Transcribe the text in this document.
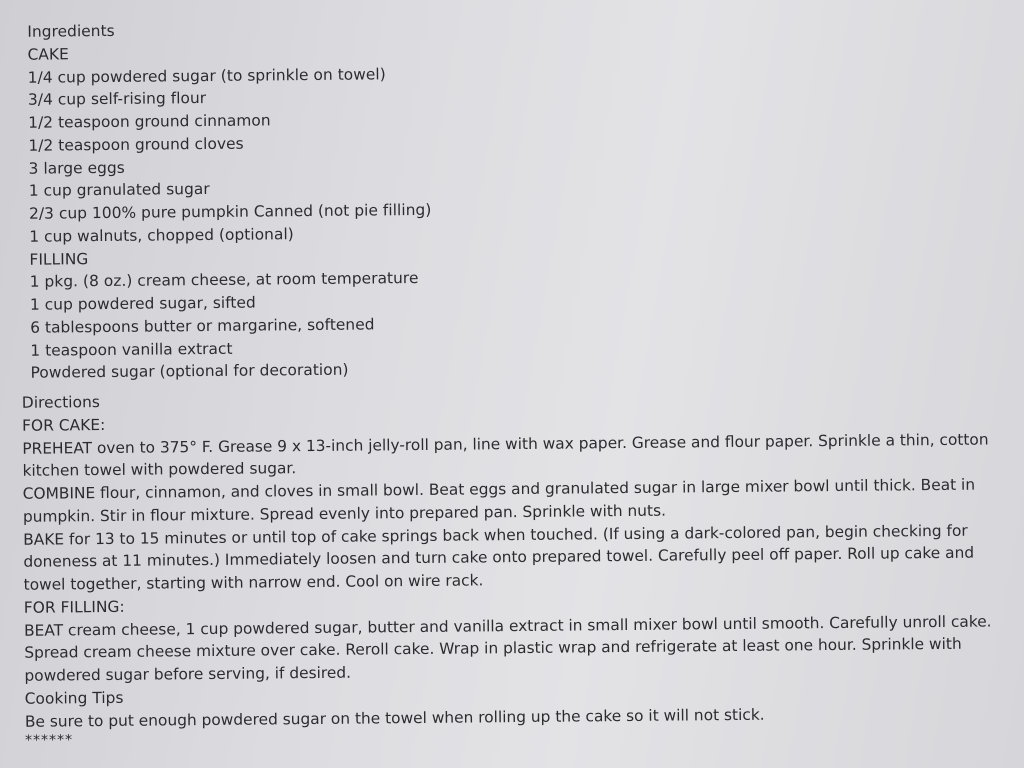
Ingredients
CAKE
1/4 cup powdered sugar (to sprinkle on towel)
3/4 cup self-rising flour
1/2 teaspoon ground cinnamon
1/2 teaspoon ground cloves
3 large eggs
1 cup granulated sugar
2/3 cup 100% pure pumpkin Canned (not pie filling)
1 cup walnuts, chopped (optional)
FILLING
1 pkg. (8 oz.) cream cheese, at room temperature
1 cup powdered sugar, sifted
6 tablespoons butter or margarine, softened
1 teaspoon vanilla extract
Powdered sugar (optional for decoration)
Directions
FOR CAKE:
PREHEAT oven to 375° F. Grease 9 x 13-inch jelly-roll pan, line with wax paper. Grease and flour paper. Sprinkle a thin, cotton kitchen towel with powdered sugar.
COMBINE flour, cinnamon, and cloves in small bowl. Beat eggs and granulated sugar in large mixer bowl until thick. Beat in pumpkin. Stir in flour mixture. Spread evenly into prepared pan. Sprinkle with nuts.
BAKE for 13 to 15 minutes or until top of cake springs back when touched. (If using a dark-colored pan, begin checking for doneness at 11 minutes.) Immediately loosen and turn cake onto prepared towel. Carefully peel off paper. Roll up cake and towel together, starting with narrow end. Cool on wire rack.
FOR FILLING:
BEAT cream cheese, 1 cup powdered sugar, butter and vanilla extract in small mixer bowl until smooth. Carefully unroll cake. Spread cream cheese mixture over cake. Reroll cake. Wrap in plastic wrap and refrigerate at least one hour. Sprinkle with powdered sugar before serving, if desired.
Cooking Tips
Be sure to put enough powdered sugar on the towel when rolling up the cake so it will not stick.
******
